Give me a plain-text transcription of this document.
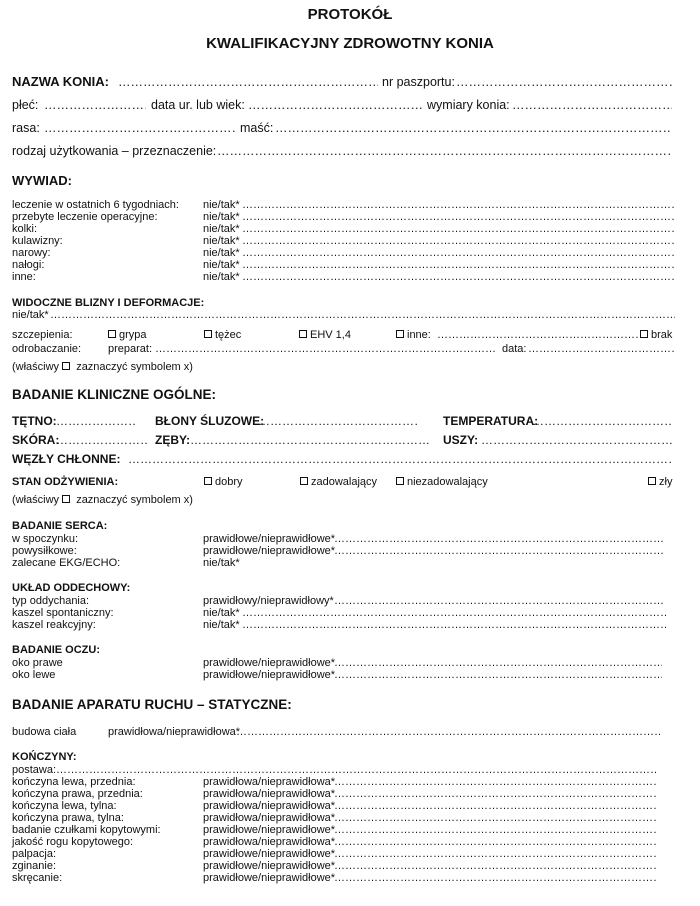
PROTOKÓŁ
KWALIFIKACYJNY ZDROWOTNY KONIA
NAZWA KONIA: …………………………………………………………………………………………………………………………………………………………………………………………………………………………………………	nr paszportu:
…………………………………………………………………………………………………………………………………………………………………………………………………………………………………………
płeć: …………………………………………………………………………………………………………………………………………………………………………………………………………………………………………	data ur. lub wiek: …………………………………………………………………………………………………………………………………………………………………………………………………………………………………………	wymiary konia:
…………………………………………………………………………………………………………………………………………………………………………………………………………………………………………
rasa: …………………………………………………………………………………………………………………………………………………………………………………………………………………………………………	maść:
…………………………………………………………………………………………………………………………………………………………………………………………………………………………………………
rodzaj użytkowania – przeznaczenie:
…………………………………………………………………………………………………………………………………………………………………………………………………………………………………………
WYWIAD:
leczenie w ostatnich 6 tygodniach: nie/tak*
…………………………………………………………………………………………………………………………………………………………………………………………………………………………………………
przebyte leczenie operacyjne:	nie/tak*
…………………………………………………………………………………………………………………………………………………………………………………………………………………………………………
kolki:	nie/tak*
…………………………………………………………………………………………………………………………………………………………………………………………………………………………………………
kulawizny:	nie/tak*
…………………………………………………………………………………………………………………………………………………………………………………………………………………………………………
narowy:	nie/tak*
…………………………………………………………………………………………………………………………………………………………………………………………………………………………………………
nałogi:	nie/tak*
…………………………………………………………………………………………………………………………………………………………………………………………………………………………………………
inne:	nie/tak*
…………………………………………………………………………………………………………………………………………………………………………………………………………………………………………
WIDOCZNE BLIZNY I DEFORMACJE:
nie/tak*
…………………………………………………………………………………………………………………………………………………………………………………………………………………………………………
szczepienia:	grypa	tężec	EHV 1,4	inne: …………………………………………………………………………………………………………………………………………………………………………………………………………………………………………	brak
odrobaczanie: preparat: …………………………………………………………………………………………………………………………………………………………………………………………………………………………………………	data:
…………………………………………………………………………………………………………………………………………………………………………………………………………………………………………
(właściwy zaznaczyć symbolem x)
BADANIE KLINICZNE OGÓLNE:
TĘTNO: …………………………………………………………………………………………………………………………………………………………………………………………………………………………………………	BŁONY ŚLUZOWE: …………………………………………………………………………………………………………………………………………………………………………………………………………………………………………	TEMPERATURA:
…………………………………………………………………………………………………………………………………………………………………………………………………………………………………………
SKÓRA: …………………………………………………………………………………………………………………………………………………………………………………………………………………………………………	ZĘBY: …………………………………………………………………………………………………………………………………………………………………………………………………………………………………………	USZY:
…………………………………………………………………………………………………………………………………………………………………………………………………………………………………………
WĘZŁY CHŁONNE:
…………………………………………………………………………………………………………………………………………………………………………………………………………………………………………
STAN ODŻYWIENIA:	dobry	zadowalający	niezadowalający	zły
(właściwy zaznaczyć symbolem x)
BADANIE SERCA:
w spoczynku:	prawidłowe/nieprawidłowe*
…………………………………………………………………………………………………………………………………………………………………………………………………………………………………………
powysiłkowe:	prawidłowe/nieprawidłowe*
…………………………………………………………………………………………………………………………………………………………………………………………………………………………………………
zalecane EKG/ECHO:	nie/tak*
UKŁAD ODDECHOWY:
typ oddychania:	prawidłowy/nieprawidłowy*
…………………………………………………………………………………………………………………………………………………………………………………………………………………………………………
kaszel spontaniczny:	nie/tak*
…………………………………………………………………………………………………………………………………………………………………………………………………………………………………………
kaszel reakcyjny:	nie/tak*
…………………………………………………………………………………………………………………………………………………………………………………………………………………………………………
BADANIE OCZU:
oko prawe	prawidłowe/nieprawidłowe*
…………………………………………………………………………………………………………………………………………………………………………………………………………………………………………
oko lewe	prawidłowe/nieprawidłowe*
…………………………………………………………………………………………………………………………………………………………………………………………………………………………………………
BADANIE APARATU RUCHU – STATYCZNE:
budowa ciała	prawidłowa/nieprawidłowa*
…………………………………………………………………………………………………………………………………………………………………………………………………………………………………………
KOŃCZYNY:
postawa:
…………………………………………………………………………………………………………………………………………………………………………………………………………………………………………
kończyna lewa, przednia:	prawidłowa/nieprawidłowa*
…………………………………………………………………………………………………………………………………………………………………………………………………………………………………………
kończyna prawa, przednia:	prawidłowa/nieprawidłowa*
…………………………………………………………………………………………………………………………………………………………………………………………………………………………………………
kończyna lewa, tylna:	prawidłowa/nieprawidłowa*
…………………………………………………………………………………………………………………………………………………………………………………………………………………………………………
kończyna prawa, tylna:	prawidłowa/nieprawidłowa*
…………………………………………………………………………………………………………………………………………………………………………………………………………………………………………
badanie czułkami kopytowymi:	prawidłowe/nieprawidłowe*
…………………………………………………………………………………………………………………………………………………………………………………………………………………………………………
jakość rogu kopytowego:	prawidłowa/nieprawidłowa*
…………………………………………………………………………………………………………………………………………………………………………………………………………………………………………
palpacja:	prawidłowe/nieprawidłowe*
…………………………………………………………………………………………………………………………………………………………………………………………………………………………………………
zginanie:	prawidłowe/nieprawidłowe*
…………………………………………………………………………………………………………………………………………………………………………………………………………………………………………
skręcanie:	prawidłowe/nieprawidłowe*
…………………………………………………………………………………………………………………………………………………………………………………………………………………………………………
